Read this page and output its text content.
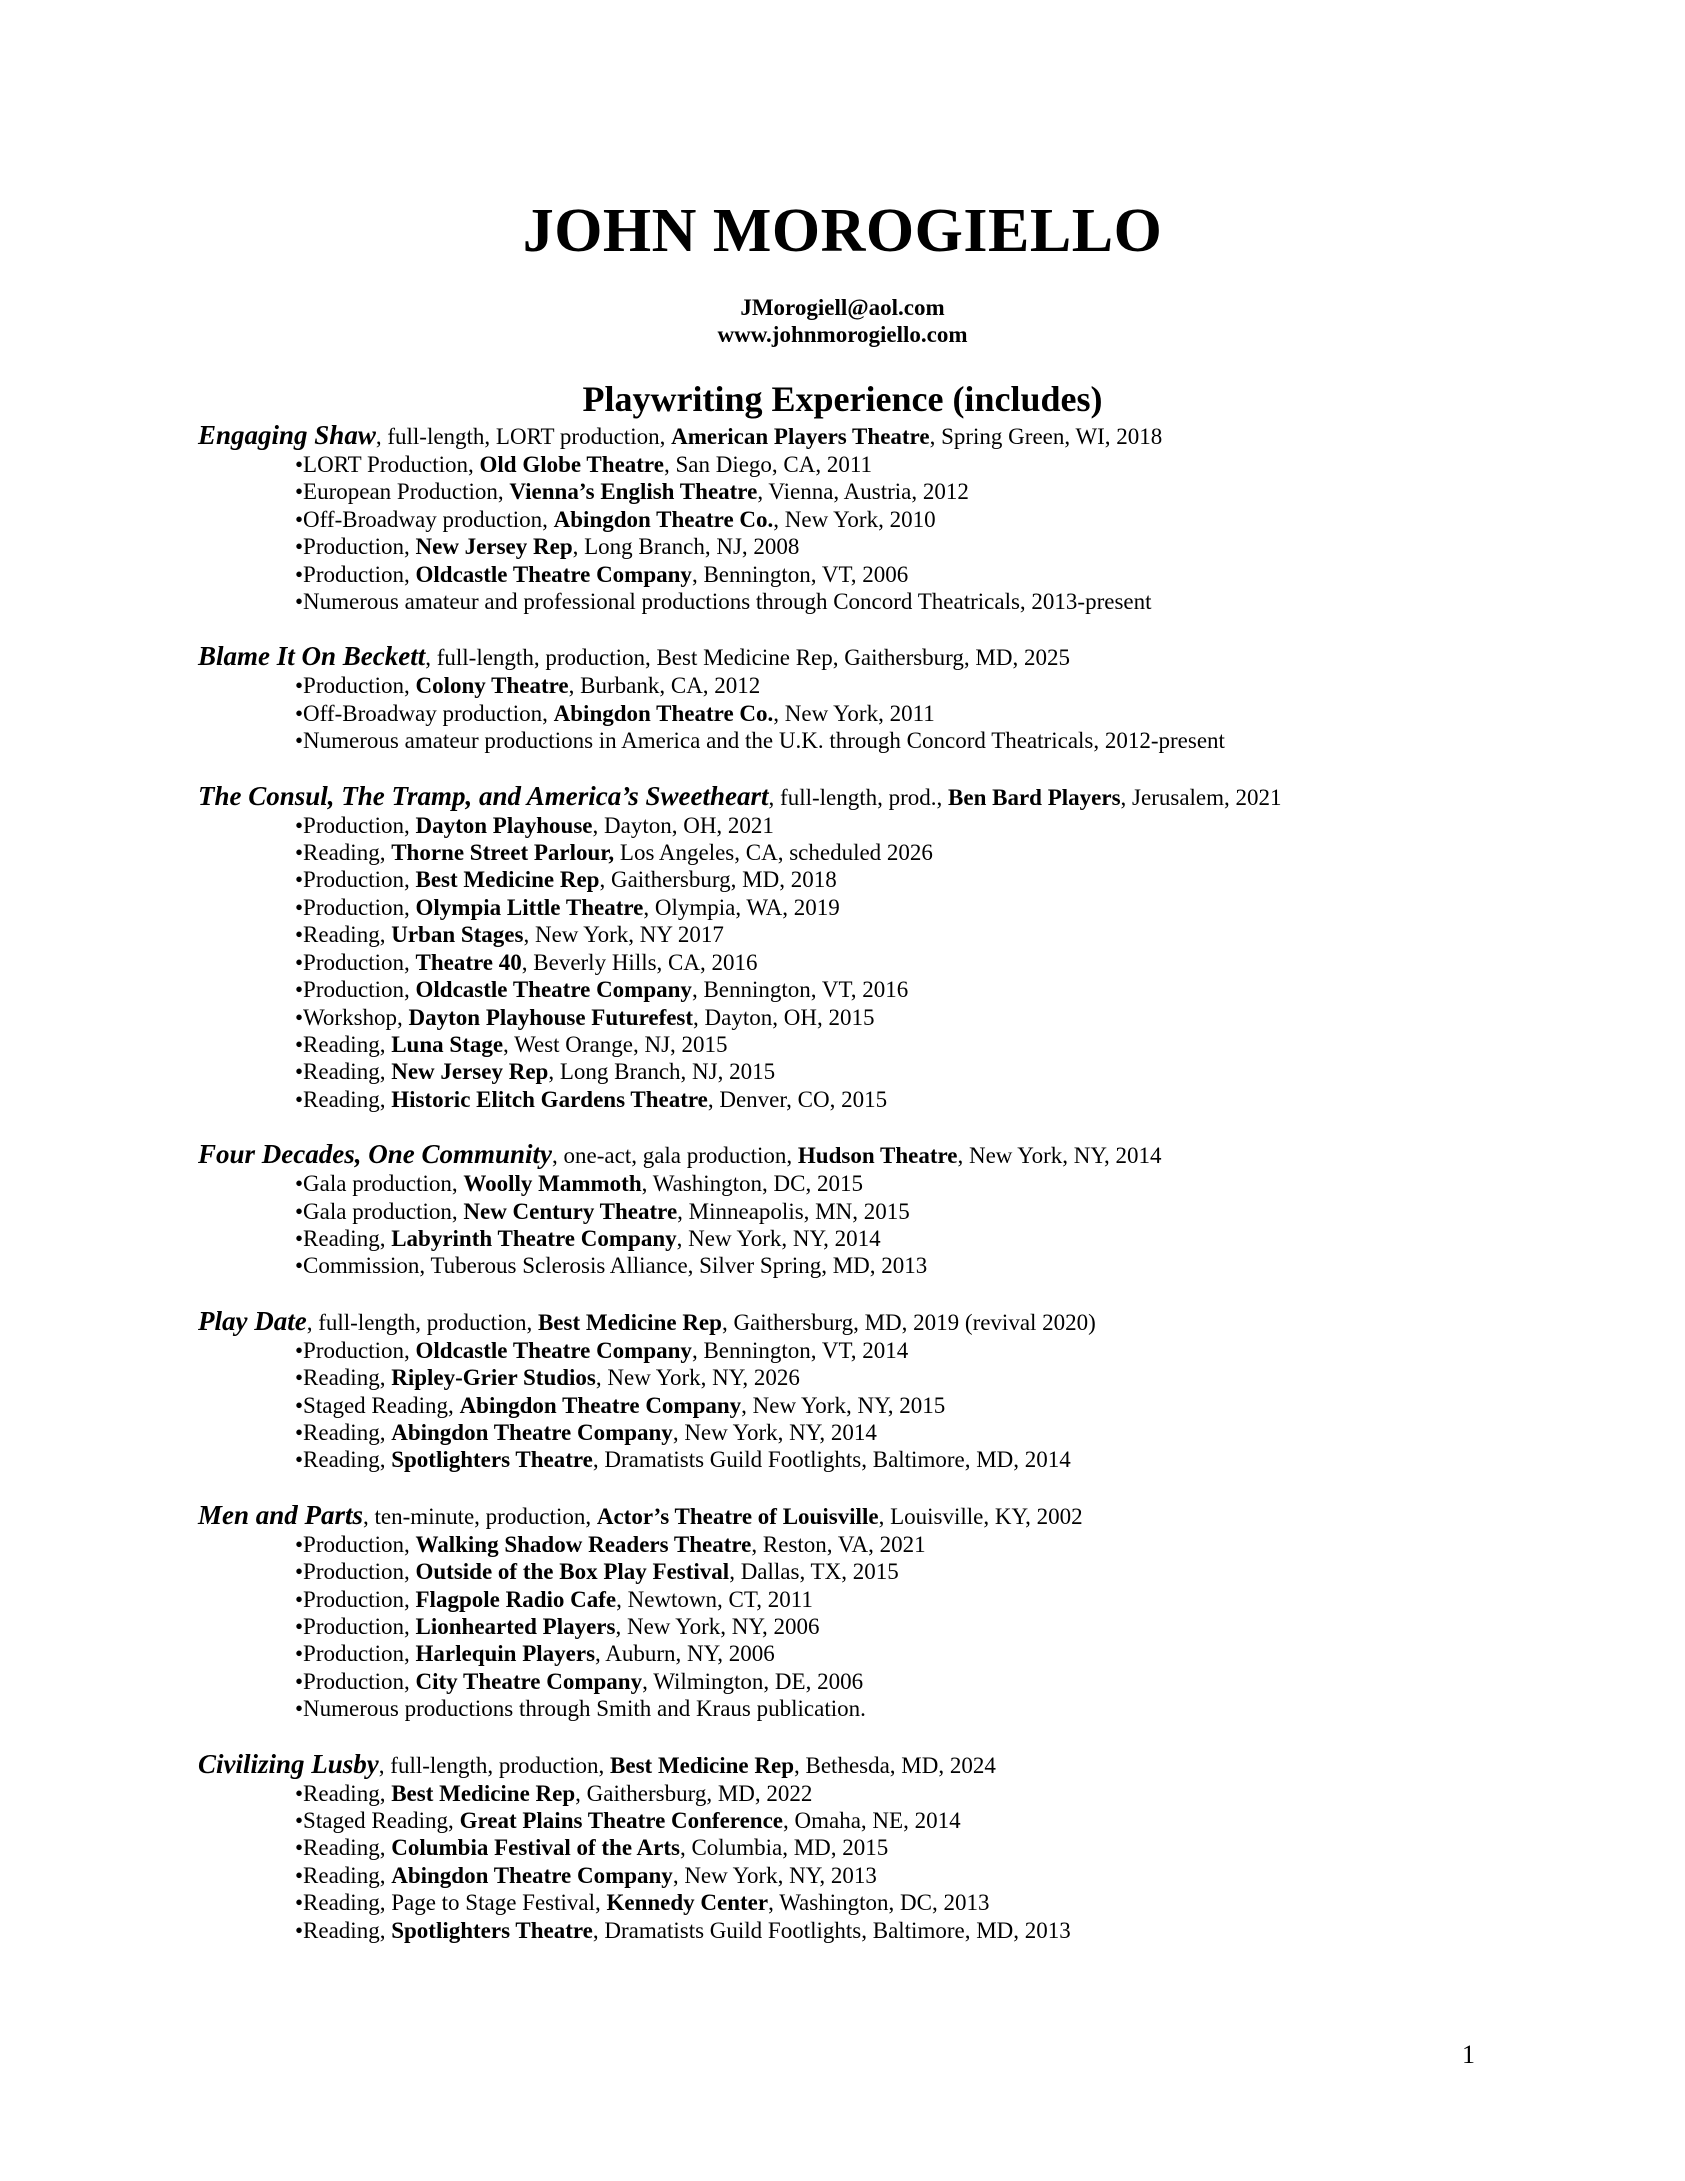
JOHN MOROGIELLO
JMorogiell@aol.com
www.johnmorogiello.com
Playwriting Experience (includes)
Engaging Shaw, full-length, LORT production, American Players Theatre, Spring Green, WI, 2018
•LORT Production, Old Globe Theatre, San Diego, CA, 2011
•European Production, Vienna’s English Theatre, Vienna, Austria, 2012
•Off-Broadway production, Abingdon Theatre Co., New York, 2010
•Production, New Jersey Rep, Long Branch, NJ, 2008
•Production, Oldcastle Theatre Company, Bennington, VT, 2006
•Numerous amateur and professional productions through Concord Theatricals, 2013-present
Blame It On Beckett, full-length, production, Best Medicine Rep, Gaithersburg, MD, 2025
•Production, Colony Theatre, Burbank, CA, 2012
•Off-Broadway production, Abingdon Theatre Co., New York, 2011
•Numerous amateur productions in America and the U.K. through Concord Theatricals, 2012-present
The Consul, The Tramp, and America’s Sweetheart, full-length, prod., Ben Bard Players, Jerusalem, 2021
•Production, Dayton Playhouse, Dayton, OH, 2021
•Reading, Thorne Street Parlour, Los Angeles, CA, scheduled 2026
•Production, Best Medicine Rep, Gaithersburg, MD, 2018
•Production, Olympia Little Theatre, Olympia, WA, 2019
•Reading, Urban Stages, New York, NY 2017
•Production, Theatre 40, Beverly Hills, CA, 2016
•Production, Oldcastle Theatre Company, Bennington, VT, 2016
•Workshop, Dayton Playhouse Futurefest, Dayton, OH, 2015
•Reading, Luna Stage, West Orange, NJ, 2015
•Reading, New Jersey Rep, Long Branch, NJ, 2015
•Reading, Historic Elitch Gardens Theatre, Denver, CO, 2015
Four Decades, One Community, one-act, gala production, Hudson Theatre, New York, NY, 2014
•Gala production, Woolly Mammoth, Washington, DC, 2015
•Gala production, New Century Theatre, Minneapolis, MN, 2015
•Reading, Labyrinth Theatre Company, New York, NY, 2014
•Commission, Tuberous Sclerosis Alliance, Silver Spring, MD, 2013
Play Date, full-length, production, Best Medicine Rep, Gaithersburg, MD, 2019 (revival 2020)
•Production, Oldcastle Theatre Company, Bennington, VT, 2014
•Reading, Ripley-Grier Studios, New York, NY, 2026
•Staged Reading, Abingdon Theatre Company, New York, NY, 2015
•Reading, Abingdon Theatre Company, New York, NY, 2014
•Reading, Spotlighters Theatre, Dramatists Guild Footlights, Baltimore, MD, 2014
Men and Parts, ten-minute, production, Actor’s Theatre of Louisville, Louisville, KY, 2002
•Production, Walking Shadow Readers Theatre, Reston, VA, 2021
•Production, Outside of the Box Play Festival, Dallas, TX, 2015
•Production, Flagpole Radio Cafe, Newtown, CT, 2011
•Production, Lionhearted Players, New York, NY, 2006
•Production, Harlequin Players, Auburn, NY, 2006
•Production, City Theatre Company, Wilmington, DE, 2006
•Numerous productions through Smith and Kraus publication.
Civilizing Lusby, full-length, production, Best Medicine Rep, Bethesda, MD, 2024
•Reading, Best Medicine Rep, Gaithersburg, MD, 2022
•Staged Reading, Great Plains Theatre Conference, Omaha, NE, 2014
•Reading, Columbia Festival of the Arts, Columbia, MD, 2015
•Reading, Abingdon Theatre Company, New York, NY, 2013
•Reading, Page to Stage Festival, Kennedy Center, Washington, DC, 2013
•Reading, Spotlighters Theatre, Dramatists Guild Footlights, Baltimore, MD, 2013
1
